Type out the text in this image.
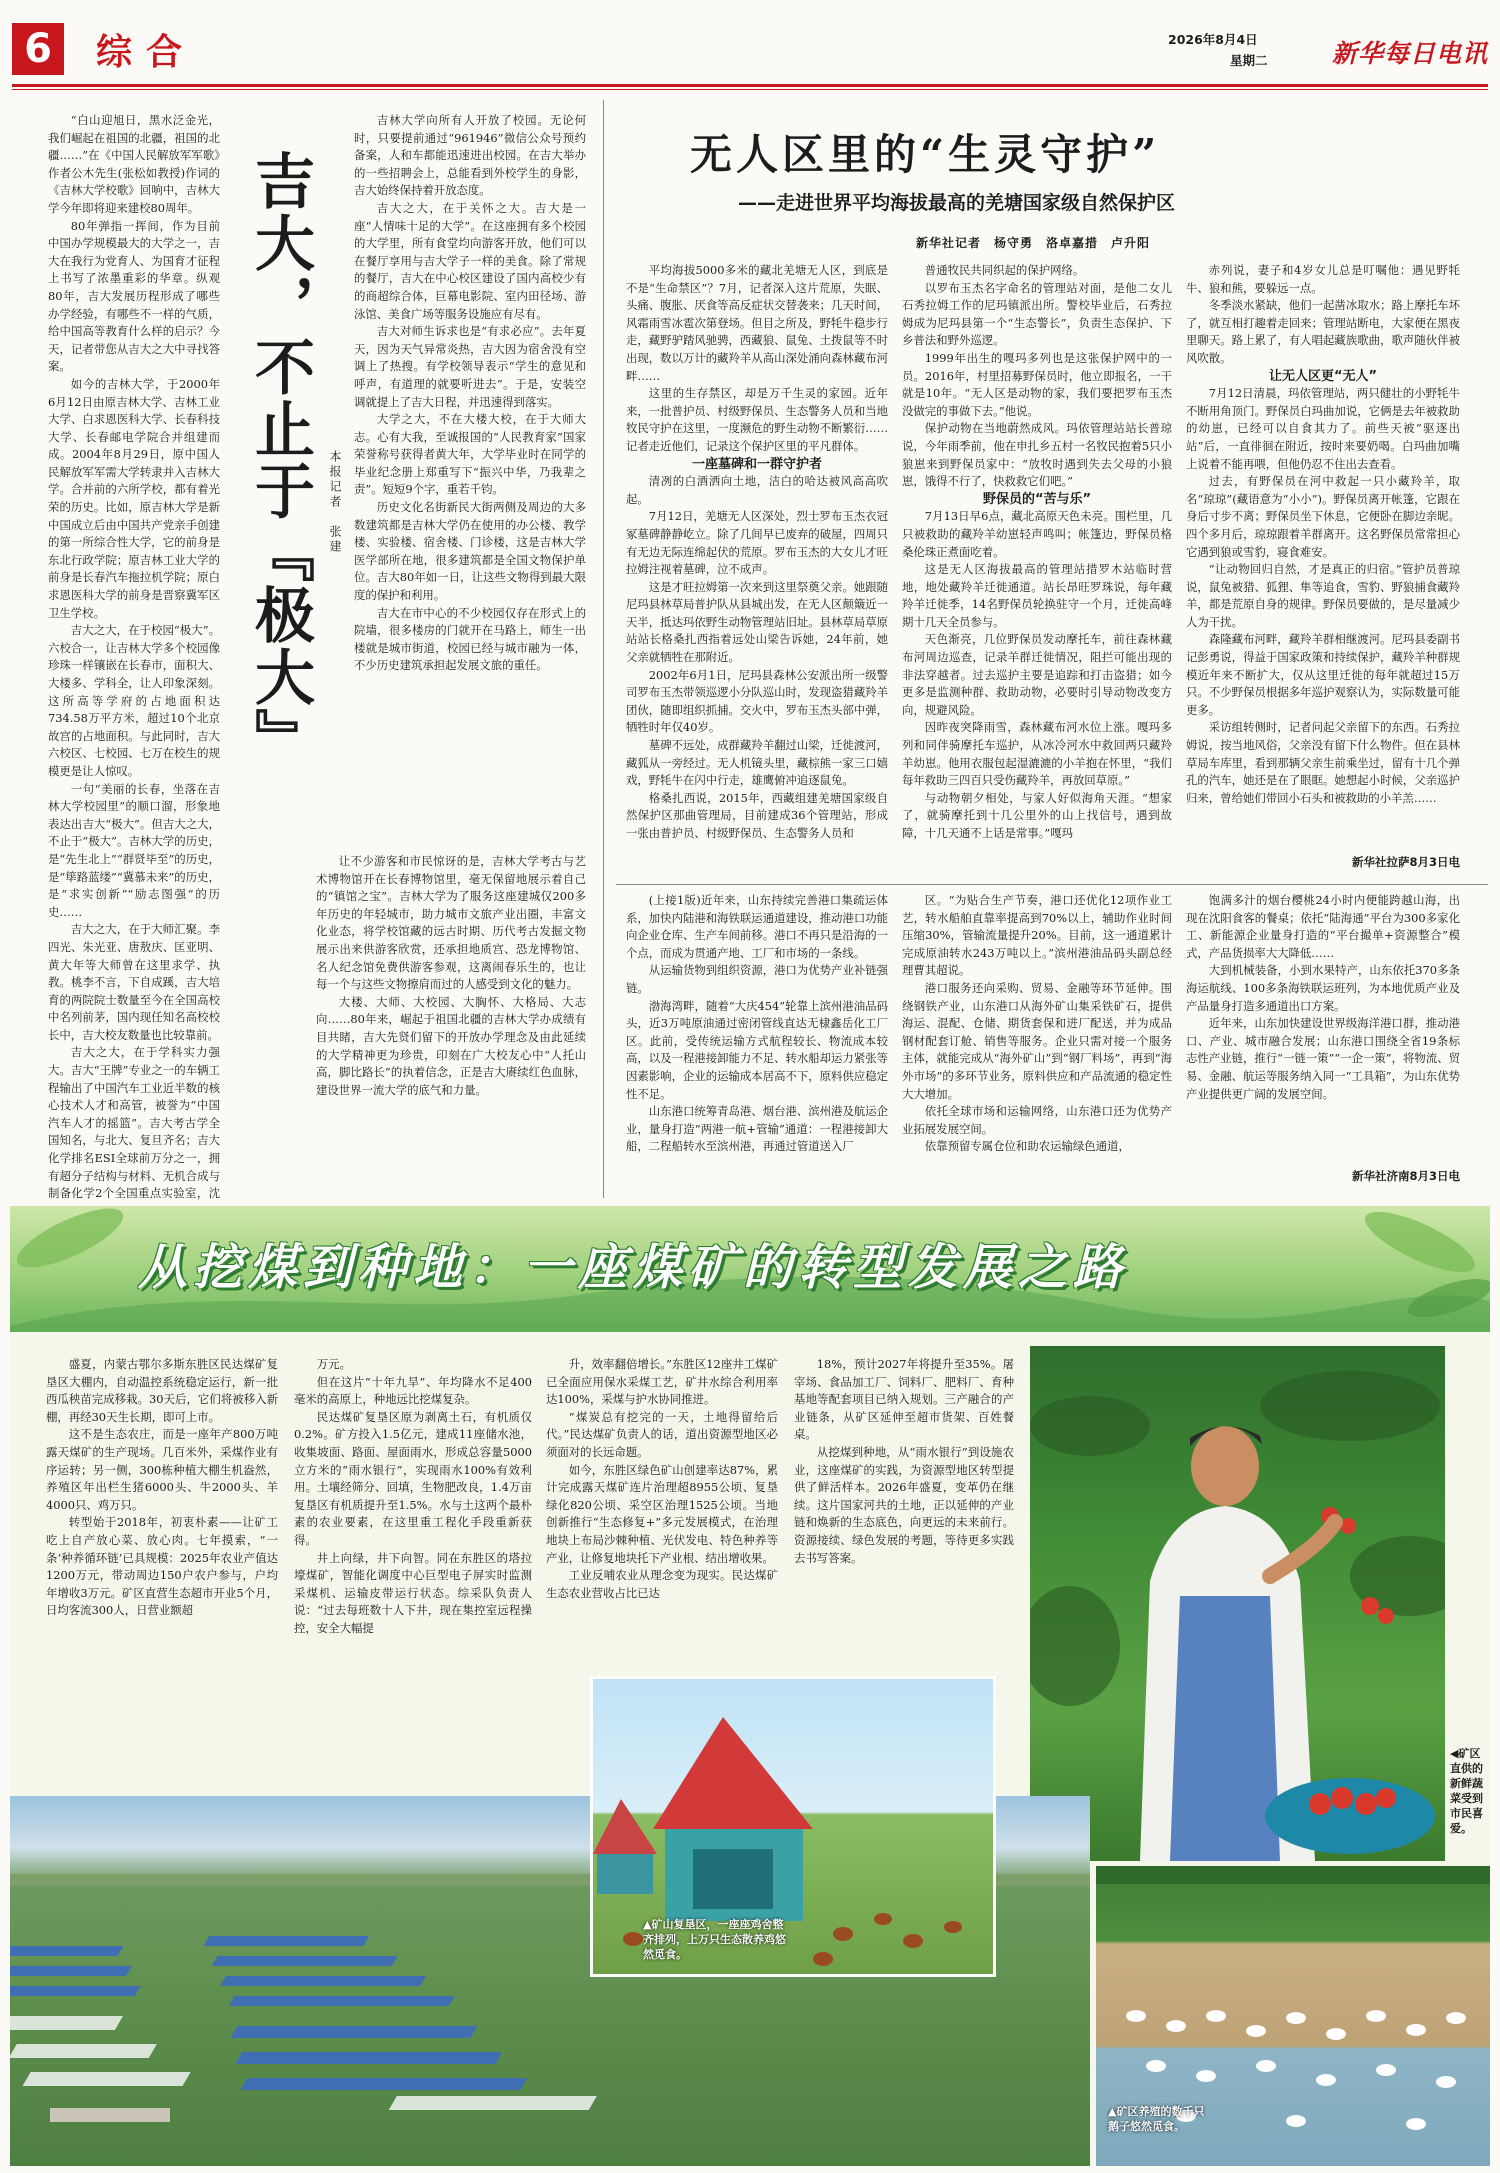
6	综合	2026年8月4日
星期二	新华每日电讯

“白山迎旭日，黑水泛金光，我们崛起在祖国的北疆，祖国的北疆……”在《中国人民解放军军歌》作者公木先生(张松如教授)作词的《吉林大学校歌》回响中，吉林大学今年即将迎来建校80周年。

80年弹指一挥间，作为目前中国办学规模最大的大学之一，吉大在我行为党育人、为国育才征程上书写了浓墨重彩的华章。纵观80年，吉大发展历程形成了哪些办学经验，有哪些不一样的气质，给中国高等教育什么样的启示？今天，记者带您从吉大之大中寻找答案。

如今的吉林大学，于2000年6月12日由原吉林大学、吉林工业大学、白求恩医科大学、长春科技大学、长春邮电学院合并组建而成。2004年8月29日，原中国人民解放军军需大学转隶并入吉林大学。合并前的六所学校，都有着光荣的历史。比如，原吉林大学是新中国成立后由中国共产党亲手创建的第一所综合性大学，它的前身是东北行政学院；原吉林工业大学的前身是长春汽车拖拉机学院；原白求恩医科大学的前身是晋察冀军区卫生学校。

吉大之大，在于校园“极大”。六校合一，让吉林大学多个校园像珍珠一样镶嵌在长春市，面积大、大楼多、学科全，让人印象深刻。这所高等学府的占地面积达734.58万平方米，超过10个北京故宫的占地面积。与此同时，吉大六校区、七校园、七万在校生的规模更是让人惊叹。

一句“美丽的长春，坐落在吉林大学校园里”的顺口溜，形象地表达出吉大“极大”。但吉大之大，不止于“极大”。吉林大学的历史，是“先生北上”“群贤毕至”的历史，是“筚路蓝缕”“冀慕未来”的历史，是“求实创新”“励志图强”的历史……

吉大之大，在于大师汇聚。李四光、朱光亚、唐敖庆、匡亚明、黄大年等大师曾在这里求学、执教。桃李不言，下自成蹊，吉大培育的两院院士数量至今在全国高校中名列前茅，国内现任知名高校校长中，吉大校友数量也比较靠前。

吉大之大，在于学科实力强大。吉大“王牌”专业之一的车辆工程输出了中国汽车工业近半数的核心技术人才和高管，被誉为“中国汽车人才的摇篮”。吉大考古学全国知名，与北大、复旦齐名；吉大化学排名ESI全球前万分之一，拥有超分子结构与材料、无机合成与制备化学2个全国重点实验室，沈

吉大，不止于『极大』	本报记者　张建

吉林大学向所有人开放了校园。无论何时，只要提前通过“961946”微信公众号预约备案，人和车都能迅速进出校园。在吉大举办的一些招聘会上，总能看到外校学生的身影，吉大始终保持着开放态度。

吉大之大，在于关怀之大。吉大是一座“人情味十足的大学”。在这座拥有多个校园的大学里，所有食堂均向游客开放，他们可以在餐厅享用与吉大学子一样的美食。除了常规的餐厅，吉大在中心校区建设了国内高校少有的商超综合体，巨幕电影院、室内田径场、游泳馆、美食广场等服务设施应有尽有。

吉大对师生诉求也是“有求必应”。去年夏天，因为天气异常炎热，吉大因为宿舍没有空调上了热搜。有学校领导表示“学生的意见和呼声，有道理的就要听进去”。于是，安装空调就提上了吉大日程，并迅速得到落实。

大学之大，不在大楼大校，在于大师大志。心有大我，至诚报国的“人民教育家”国家荣誉称号获得者黄大年，大学毕业时在同学的毕业纪念册上郑重写下“振兴中华，乃我辈之责”。短短9个字，重若千钧。

历史文化名街新民大街两侧及周边的大多数建筑都是吉林大学仍在使用的办公楼、教学楼、实验楼、宿舍楼、门诊楼，这是吉林大学医学部所在地，很多建筑都是全国文物保护单位。吉大80年如一日，让这些文物得到最大限度的保护和利用。

吉大在市中心的不少校园仅存在形式上的院墙，很多楼房的门就开在马路上，师生一出楼就是城市街道，校园已经与城市融为一体，不少历史建筑承担起发展文旅的重任。

让不少游客和市民惊讶的是，吉林大学考古与艺术博物馆开在长春博物馆里，毫无保留地展示着自己的“镇馆之宝”。吉林大学为了服务这座建城仅200多年历史的年轻城市，助力城市文旅产业出圈，丰富文化业态，将学校馆藏的远古时期、历代考古发掘文物展示出来供游客欣赏，还承担地质宫、恐龙博物馆、名人纪念馆免费供游客参观，这离闹春乐生的，也让每一个与这些文物擦肩而过的人感受到文化的魅力。

大楼、大师、大校园、大胸怀、大格局、大志向……80年来，崛起于祖国北疆的吉林大学办成绩有目共睹，吉大先贤们留下的开放办学理念及由此延续的大学精神更为珍贵，印刻在广大校友心中“人托山高，脚比路长”的执着信念，正是吉大赓续红色血脉，建设世界一流大学的底气和力量。

无人区里的“生灵守护”
——走进世界平均海拔最高的羌塘国家级自然保护区
新华社记者　杨守勇　洛卓嘉措　卢升阳

平均海拔5000多米的藏北羌塘无人区，到底是不是“生命禁区”？7月，记者深入这片荒原，失眠、头痛、腹胀、厌食等高反症状交替袭来；几天时间，风霜雨雪冰雹次第登场。但目之所及，野牦牛稳步行走，藏野驴踏风驰骋，西藏狼、鼠兔、土拨鼠等不时出现，数以万计的藏羚羊从高山深处涌向森林藏布河畔……

这里的生存禁区，却是万千生灵的家园。近年来，一批普护员、村级野保员、生态警务人员和当地牧民守护在这里，一度濒危的野生动物不断繁衍……记者走近他们，记录这个保护区里的平凡群体。

一座墓碑和一群守护者

清冽的白酒洒向土地，洁白的哈达被风高高吹起。

7月12日，羌塘无人区深处，烈士罗布玉杰衣冠冢墓碑静静屹立。除了几间早已废弃的破屋，四周只有无边无际连绵起伏的荒原。罗布玉杰的大女儿才旺拉姆注视着墓碑，泣不成声。

这是才旺拉姆第一次来到这里祭奠父亲。她跟随尼玛县林草局普护队从县城出发，在无人区颠簸近一天半，抵达玛依野生动物管理站旧址。县林草局草原站站长格桑扎西指着远处山梁告诉她，24年前，她父亲就牺牲在那附近。

2002年6月1日，尼玛县森林公安派出所一级警司罗布玉杰带领巡逻小分队巡山时，发现盗猎藏羚羊团伙，随即组织抓捕。交火中，罗布玉杰头部中弹，牺牲时年仅40岁。

墓碑不远处，成群藏羚羊翻过山梁，迁徙渡河，藏狐从一旁经过。无人机镜头里，藏棕熊一家三口嬉戏，野牦牛在闪中行走，雄鹰俯冲追逐鼠兔。

格桑扎西说，2015年，西藏组建羌塘国家级自然保护区那曲管理局，目前建成36个管理站，形成一张由普护员、村级野保员、生态警务人员和

普通牧民共同织起的保护网络。

以罗布玉杰名字命名的管理站对面，是他二女儿石秀拉姆工作的尼玛镇派出所。警校毕业后，石秀拉姆成为尼玛县第一个“生态警长”，负责生态保护、下乡普法和野外巡逻。

1999年出生的嘎玛多列也是这张保护网中的一员。2016年，村里招募野保员时，他立即报名，一干就是10年。“无人区是动物的家，我们要把罗布玉杰没做完的事做下去。”他说。

保护动物在当地蔚然成风。玛依管理站站长普琼说，今年雨季前，他在申扎乡五村一名牧民抱着5只小狼崽来到野保员家中：“放牧时遇到失去父母的小狼崽，饿得不行了，快救救它们吧。”

野保员的“苦与乐”

7月13日早6点，藏北高原天色未亮。围栏里，几只被救助的藏羚羊幼崽轻声鸣叫；帐篷边，野保员格桑伦珠正煮面吃着。

这是无人区海拔最高的管理站措罗木站临时营地，地处藏羚羊迁徙通道。站长昂旺罗珠说，每年藏羚羊迁徙季，14名野保员轮换驻守一个月，迁徙高峰期十几天全员参与。

天色渐亮，几位野保员发动摩托车，前往森林藏布河周边巡查，记录羊群迁徙情况，阻拦可能出现的非法穿越者。过去巡护主要是追踪和打击盗猎；如今更多是监测种群、救助动物，必要时引导动物改变方向，规避风险。

因昨夜突降雨雪，森林藏布河水位上涨。嘎玛多列和同伴骑摩托车巡护，从冰冷河水中救回两只藏羚羊幼崽。他用衣服包起湿漉漉的小羊抱在怀里，“我们每年救助三四百只受伤藏羚羊，再放回草原。”

与动物朝夕相处，与家人好似海角天涯。“想家了，就骑摩托到十几公里外的山上找信号，遇到故障，十几天通不上话是常事。”嘎玛

赤列说，妻子和4岁女儿总是叮嘱他：遇见野牦牛、狼和熊，要躲远一点。

冬季淡水紧缺，他们一起凿冰取水；路上摩托车坏了，就互相打趣着走回来；管理站断电，大家便在黑夜里聊天。路上累了，有人唱起藏族歌曲，歌声随伙伴被风吹散。

让无人区更“无人”

7月12日清晨，玛依管理站，两只健壮的小野牦牛不断用角顶门。野保员白玛曲加说，它俩是去年被救助的幼崽，已经可以自食其力了。前些天被“驱逐出站”后，一直徘徊在附近，按时来要奶喝。白玛曲加嘴上说着不能再喂，但他仍忍不住出去查看。

过去，有野保员在河中救起一只小藏羚羊，取名“琼琼”(藏语意为“小小”)。野保员离开帐篷，它跟在身后寸步不离；野保员坐下休息，它便卧在脚边亲昵。四个多月后，琼琼跟着羊群离开。这名野保员常常担心它遇到狼或雪豹，寝食难安。

“让动物回归自然，才是真正的归宿。”管护员普琼说，鼠兔被猎、狐狸、隼等追食，雪豹、野狼捕食藏羚羊，都是荒原自身的规律。野保员要做的，是尽量减少人为干扰。

森隆藏布河畔，藏羚羊群相继渡河。尼玛县委副书记彭勇说，得益于国家政策和持续保护，藏羚羊种群规模近年来不断扩大，仅从这里迁徙的每年就超过15万只。不少野保员根据多年巡护观察认为，实际数量可能更多。

采访组转侧时，记者问起父亲留下的东西。石秀拉姆说，按当地风俗，父亲没有留下什么物件。但在县林草局车库里，看到那辆父亲生前乘坐过，留有十几个弹孔的汽车，她还是在了眼眶。她想起小时候，父亲巡护归来，曾给她们带回小石头和被救助的小羊羔……

新华社拉萨8月3日电

(上接1版)近年来，山东持续完善港口集疏运体系，加快内陆港和海铁联运通道建设，推动港口功能向企业仓库、生产车间前移。港口不再只是沿海的一个点，而成为贯通产地、工厂和市场的一条线。

从运输货物到组织资源，港口为优势产业补链强链。

渤海湾畔，随着“大庆454”轮靠上滨州港油品码头，近3万吨原油通过密闭管线直达无棣鑫岳化工厂区。此前，受传统运输方式航程较长、物流成本较高，以及一程港接卸能力不足、转水船却运力紧张等因素影响，企业的运输成本居高不下，原料供应稳定性不足。

山东港口统筹青岛港、烟台港、滨州港及航运企业，量身打造“两港一航+管输”通道：一程港接卸大船，二程船转水至滨州港，再通过管道送入厂

区。“为贴合生产节奏，港口还优化12项作业工艺，转水船舶直靠率提高到70%以上，辅助作业时间压缩30%，管输流量提升20%。目前，这一通道累计完成原油转水243万吨以上。”滨州港油品码头副总经理曹其超说。

港口服务还向采购、贸易、金融等环节延伸。围绕钢铁产业，山东港口从海外矿山集采铁矿石，提供海运、混配、仓储、期货套保和进厂配送，并为成品钢材配套订舱、销售等服务。企业只需对接一个服务主体，就能完成从“海外矿山”到“钢厂料场”，再到“海外市场”的多环节业务，原料供应和产品流通的稳定性大大增加。

依托全球市场和运输网络，山东港口还为优势产业拓展发展空间。

依靠预留专属仓位和助农运输绿色通道，

饱满多汁的烟台樱桃24小时内便能跨越山海，出现在沈阳食客的餐桌；依托“陆海通”平台为300多家化工、新能源企业量身打造的“平台撮单+资源整合”模式，产品货损率大大降低……

大到机械装备，小到水果特产，山东依托370多条海运航线、100多条海铁联运班列，为本地优质产业及产品量身打造多通道出口方案。

近年来，山东加快建设世界级海洋港口群，推动港口、产业、城市融合发展；山东港口围绕全省19条标志性产业链，推行“一链一策”“一企一策”，将物流、贸易、金融、航运等服务纳入同一“工具箱”，为山东优势产业提供更广阔的发展空间。

新华社济南8月3日电
从挖煤到种地：一座煤矿的转型发展之路

盛夏，内蒙古鄂尔多斯东胜区民达煤矿复垦区大棚内，自动温控系统稳定运行，新一批西瓜秧苗完成移栽。30天后，它们将被移入新棚，再经30天生长期，即可上市。

这不是生态农庄，而是一座年产800万吨露天煤矿的生产现场。几百米外，采煤作业有序运转；另一侧，300栋种植大棚生机盎然，养殖区年出栏生猪6000头、牛2000头、羊4000只、鸡万只。

转型始于2018年，初衷朴素——让矿工吃上自产放心菜、放心肉。七年摸索，“一条‘种养循环链’已具规模：2025年农业产值达1200万元，带动周边150户农户参与，户均年增收3万元。矿区直营生态超市开业5个月，日均客流300人，日营业额超

万元。

但在这片“十年九旱”、年均降水不足400毫米的高原上，种地远比挖煤复杂。

民达煤矿复垦区原为剥离土石，有机质仅0.2%。矿方投入1.5亿元，建成11座储水池，收集坡面、路面、屋面雨水，形成总容量5000立方米的“雨水银行”，实现雨水100%有效利用。土壤经筛分、回填，生物肥改良，1.4万亩复垦区有机质提升至1.5%。水与土这两个最朴素的农业要素，在这里重工程化手段重新获得。

井上向绿，井下向智。同在东胜区的塔拉壕煤矿，智能化调度中心巨型电子屏实时监测采煤机、运输皮带运行状态。综采队负责人说：“过去每班数十人下井，现在集控室远程操控，安全大幅提

升，效率翻倍增长。”东胜区12座井工煤矿已全面应用保水采煤工艺，矿井水综合利用率达100%，采煤与护水协同推进。

“煤炭总有挖完的一天，土地得留给后代。”民达煤矿负责人的话，道出资源型地区必须面对的长远命题。

如今，东胜区绿色矿山创建率达87%，累计完成露天煤矿连片治理超8955公顷、复垦绿化820公顷、采空区治理1525公顷。当地创新推行“生态修复+”多元发展模式，在治理地块上布局沙棘种植、光伏发电、特色种养等产业，让修复地块托下产业根、结出增收果。

工业反哺农业从理念变为现实。民达煤矿生态农业营收占比已达

18%，预计2027年将提升至35%。屠宰场、食品加工厂、饲料厂、肥料厂、育种基地等配套项目已纳入规划。三产融合的产业链条，从矿区延伸至超市货架、百姓餐桌。

从挖煤到种地，从“雨水银行”到设施农业，这座煤矿的实践，为资源型地区转型提供了鲜活样本。2026年盛夏，变革仍在继续。这片国家河共的土地，正以延伸的产业链和焕新的生态底色，向更远的未来前行。资源接续、绿色发展的考题，等待更多实践去书写答案。

◀矿区直供的新鲜蔬菜受到市民喜爱。
▲矿山复垦区，一座座鸡舍整齐排列，上万只生态散养鸡悠然觅食。
▲矿区养殖的数千只鹅子悠然觅食。
